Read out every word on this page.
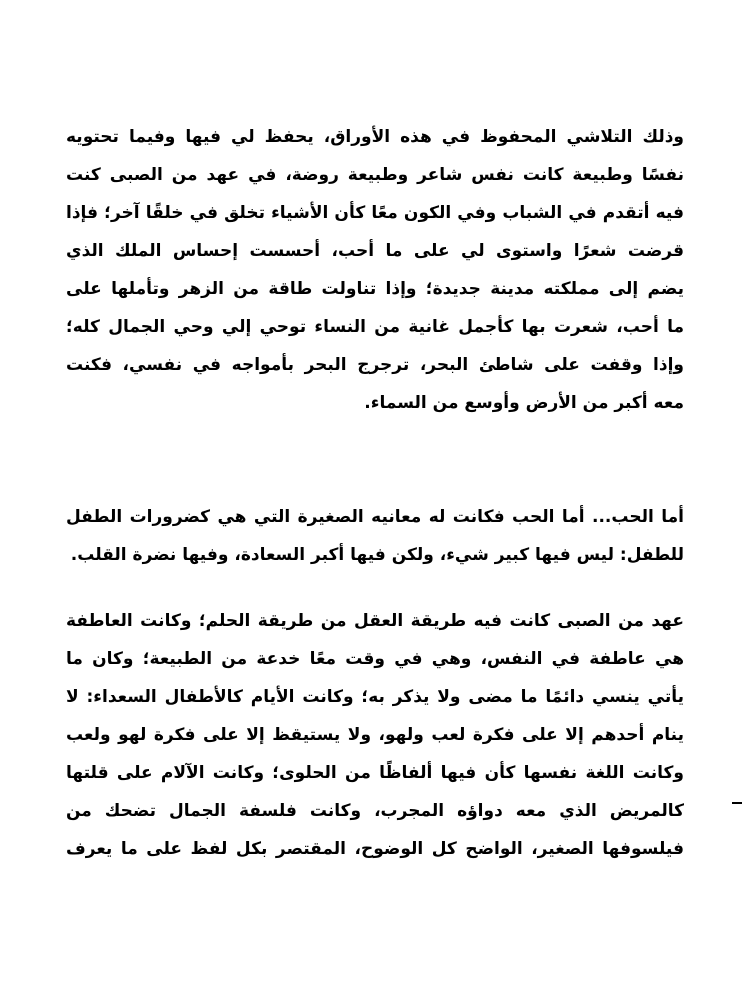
وذلك التلاشي المحفوظ في هذه الأوراق، يحفظ لي فيها وفيما تحتويه
نفسًا وطبيعة كانت نفس شاعر وطبيعة روضة، في عهد من الصبى كنت
فيه أتقدم في الشباب وفي الكون معًا كأن الأشياء تخلق في خلقًا آخر؛ فإذا
قرضت شعرًا واستوى لي على ما أحب، أحسست إحساس الملك الذي
يضم إلى مملكته مدينة جديدة؛ وإذا تناولت طاقة من الزهر وتأملها على
ما أحب، شعرت بها كأجمل غانية من النساء توحي إلي وحي الجمال كله؛
وإذا وقفت على شاطئ البحر، ترجرج البحر بأمواجه في نفسي، فكنت
معه أكبر من الأرض وأوسع من السماء.
أما الحب... أما الحب فكانت له معانيه الصغيرة التي هي كضرورات الطفل
للطفل: ليس فيها كبير شيء، ولكن فيها أكبر السعادة، وفيها نضرة القلب.
عهد من الصبى كانت فيه طريقة العقل من طريقة الحلم؛ وكانت العاطفة
هي عاطفة في النفس، وهي في وقت معًا خدعة من الطبيعة؛ وكان ما
يأتي ينسي دائمًا ما مضى ولا يذكر به؛ وكانت الأيام كالأطفال السعداء: لا
ينام أحدهم إلا على فكرة لعب ولهو، ولا يستيقظ إلا على فكرة لهو ولعب
وكانت اللغة نفسها كأن فيها ألفاظًا من الحلوى؛ وكانت الآلام على قلتها
كالمريض الذي معه دواؤه المجرب، وكانت فلسفة الجمال تضحك من
فيلسوفها الصغير، الواضح كل الوضوح، المقتصر بكل لفظ على ما يعرف
